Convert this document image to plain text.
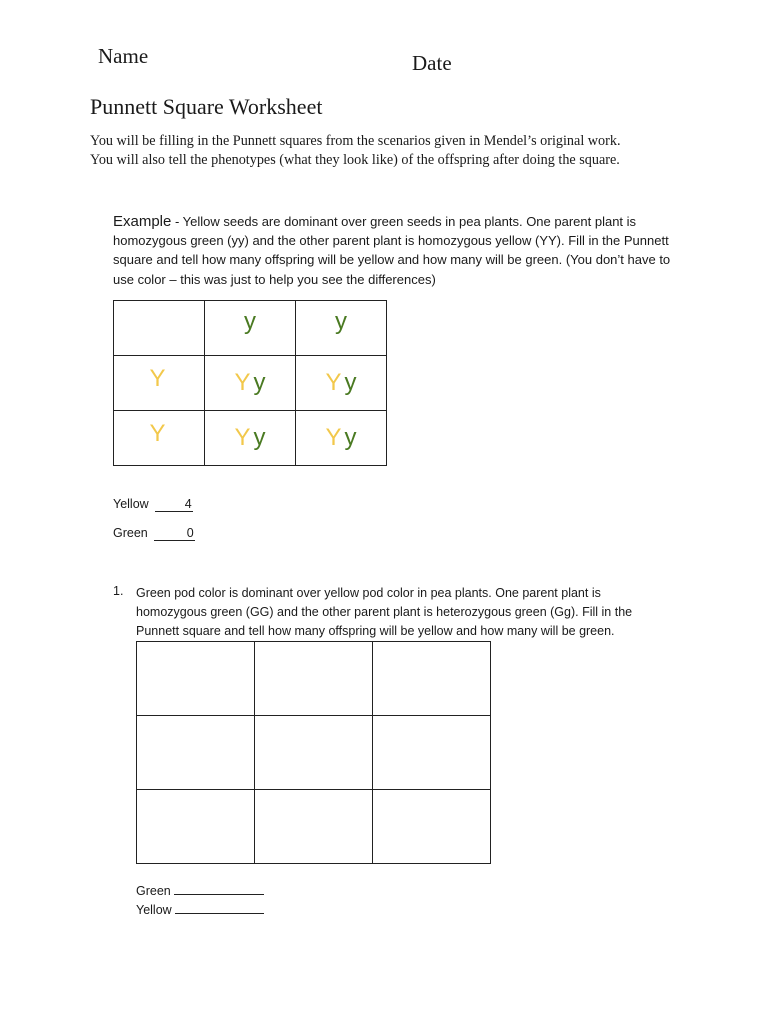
Name	Date
Punnett Square Worksheet
You will be filling in the Punnett squares from the scenarios given in Mendel’s original work.
You will also tell the phenotypes (what they look like) of the offspring after doing the square.
Example - Yellow seeds are dominant over green seeds in pea plants. One parent plant is homozygous green (yy) and the other parent plant is homozygous yellow (YY). Fill in the Punnett square and tell how many offspring will be yellow and how many will be green. (You don’t have to use color – this was just to help you see the differences)
	y	y
Y	Y y	Y y
Y	Y y	Y y
Yellow	4
Green	0
1. Green pod color is dominant over yellow pod color in pea plants. One parent plant is homozygous green (GG) and the other parent plant is heterozygous green (Gg). Fill in the Punnett square and tell how many offspring will be yellow and how many will be green.

Green
Yellow
